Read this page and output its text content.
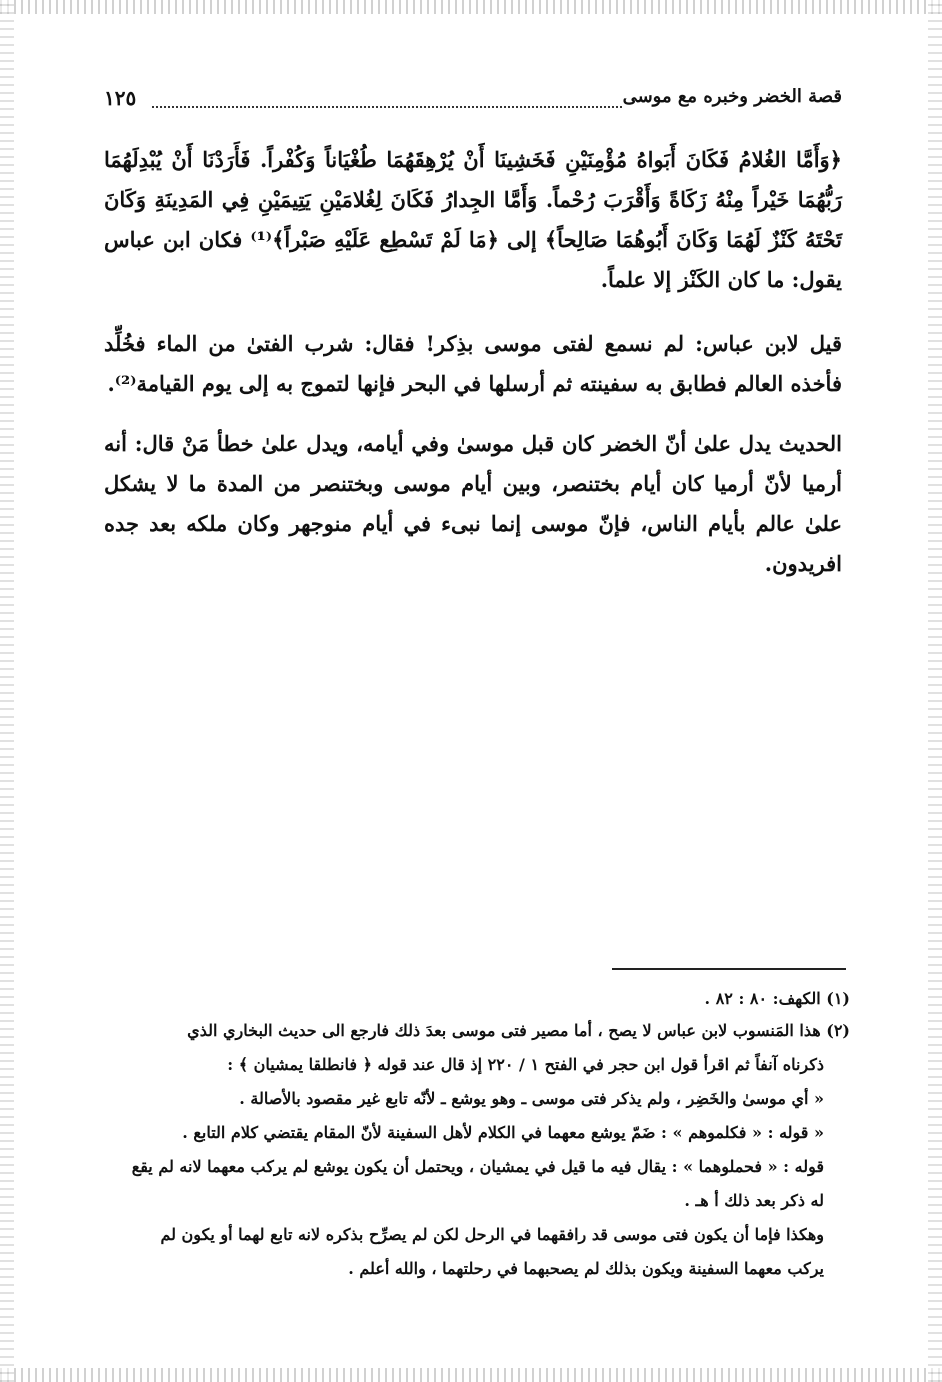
قصة الخضر وخبره مع موسى
١٢٥

﴿وَأَمَّا الغُلامُ فَكَانَ أَبَواهُ مُؤْمِنَيْنِ فَخَشِينَا أَنْ يُرْهِقَهُمَا طُغْيَاناً وَكُفْراً. فَأَرَدْنَا أَنْ يُبْدِلَهُمَا رَبُّهُمَا خَيْراً مِنْهُ زَكَاةً وَأَقْرَبَ رُحْماً. وَأَمَّا الجِدارُ فَكَانَ لِغُلامَيْنِ يَتِيمَيْنِ فِي المَدِينَةِ وَكَانَ تَحْتَهُ كَنْزٌ لَهُمَا وَكَانَ أَبُوهُمَا صَالِحاً﴾ إلى ﴿مَا لَمْ تَسْطِع عَلَيْهِ صَبْراً﴾⁽¹⁾ فكان ابن عباس يقول: ما كان الكَنْز إلا علماً.

قيل لابن عباس: لم نسمع لفتى موسى بذِكر! فقال: شرب الفتىٰ من الماء فخُلِّد فأخذه العالم فطابق به سفينته ثم أرسلها في البحر فإنها لتموج به إلى يوم القيامة⁽²⁾.

الحديث يدل علىٰ أنّ الخضر كان قبل موسىٰ وفي أيامه، ويدل علىٰ خطأ مَنْ قال: أنه أرميا لأنّ أرميا كان أيام بختنصر، وبين أيام موسى وبختنصر من المدة ما لا يشكل علىٰ عالم بأيام الناس، فإنّ موسى إنما نبىء في أيام منوجهر وكان ملكه بعد جده افريدون.

(١) الكهف: ٨٠ : ٨٢ .

(٢) هذا المَنسوب لابن عباس لا يصح ، أما مصير فتى موسى بعدَ ذلك فارجع الى حديث البخاري الذي

ذكرناه آنفاً ثم اقرأ قول ابن حجر في الفتح ١ / ٢٢٠ إذ قال عند قوله ﴿ فانطلقا يمشيان ﴾ :

« أي موسىٰ والخَضِر ، ولم يذكر فتى موسى ـ وهو يوشع ـ لأنّه تابع غير مقصود بالأصالة .

« قوله : « فكلموهم » : ضَمّ يوشع معهما في الكلام لأهل السفينة لأنّ المقام يقتضي كلام التابع .

قوله : « فحملوهما » : يقال فيه ما قيل في يمشيان ، ويحتمل أن يكون يوشع لم يركب معهما لانه لم يقع

له ذكر بعد ذلك أ هـ .

وهكذا فإما أن يكون فتى موسى قد رافقهما في الرحل لكن لم يصرِّح بذكره لانه تابع لهما أو يكون لم

يركب معهما السفينة ويكون بذلك لم يصحبهما في رحلتهما ، والله أعلم .
